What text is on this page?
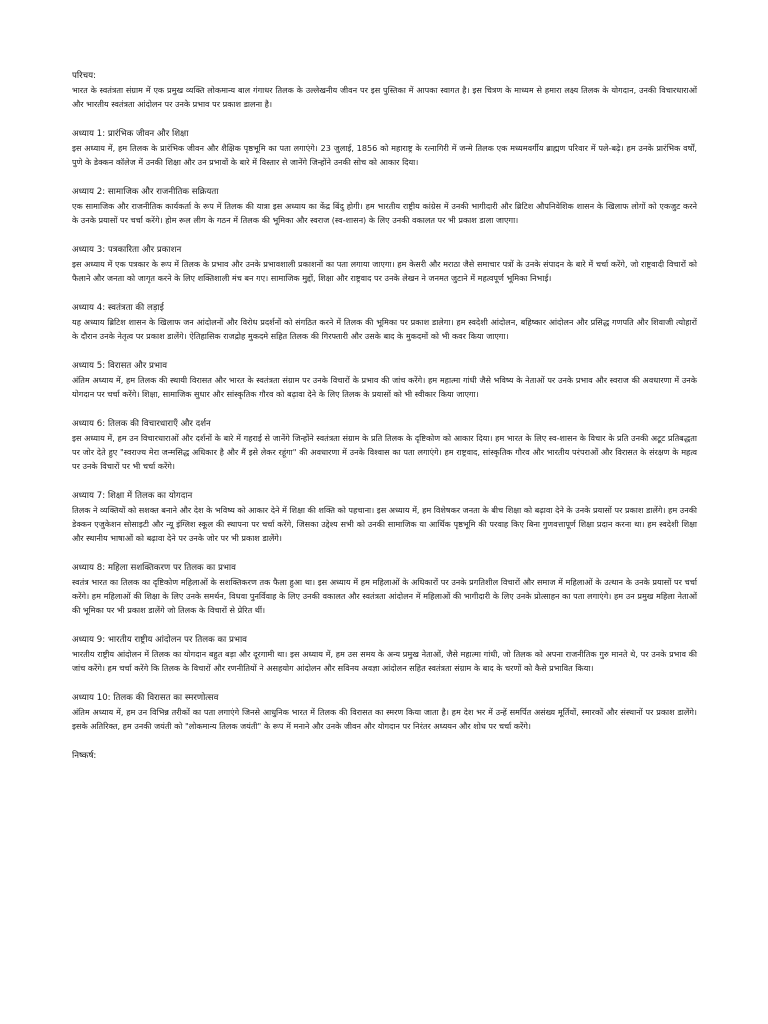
परिचय:
भारत के स्वतंत्रता संग्राम में एक प्रमुख व्यक्ति लोकमान्य बाल गंगाधर तिलक के उल्लेखनीय जीवन पर इस पुस्तिका में आपका स्वागत है। इस चित्रण के माध्यम से हमारा लक्ष्य तिलक के योगदान, उनकी विचारधाराओं और भारतीय स्वतंत्रता आंदोलन पर उनके प्रभाव पर प्रकाश डालना है।
अध्याय 1: प्रारंभिक जीवन और शिक्षा
इस अध्याय में, हम तिलक के प्रारंभिक जीवन और शैक्षिक पृष्ठभूमि का पता लगाएंगे। 23 जुलाई, 1856 को महाराष्ट्र के रत्नागिरी में जन्मे तिलक एक मध्यमवर्गीय ब्राह्मण परिवार में पले-बढ़े। हम उनके प्रारंभिक वर्षों, पुणे के डेक्कन कॉलेज में उनकी शिक्षा और उन प्रभावों के बारे में विस्तार से जानेंगे जिन्होंने उनकी सोच को आकार दिया।
अध्याय 2: सामाजिक और राजनीतिक सक्रियता
एक सामाजिक और राजनीतिक कार्यकर्ता के रूप में तिलक की यात्रा इस अध्याय का केंद्र बिंदु होगी। हम भारतीय राष्ट्रीय कांग्रेस में उनकी भागीदारी और ब्रिटिश औपनिवेशिक शासन के खिलाफ लोगों को एकजुट करने के उनके प्रयासों पर चर्चा करेंगे। होम रूल लीग के गठन में तिलक की भूमिका और स्वराज (स्व-शासन) के लिए उनकी वकालत पर भी प्रकाश डाला जाएगा।
अध्याय 3: पत्रकारिता और प्रकाशन
इस अध्याय में एक पत्रकार के रूप में तिलक के प्रभाव और उनके प्रभावशाली प्रकाशनों का पता लगाया जाएगा। हम केसरी और मराठा जैसे समाचार पत्रों के उनके संपादन के बारे में चर्चा करेंगे, जो राष्ट्रवादी विचारों को फैलाने और जनता को जागृत करने के लिए शक्तिशाली मंच बन गए। सामाजिक मुद्दों, शिक्षा और राष्ट्रवाद पर उनके लेखन ने जनमत जुटाने में महत्वपूर्ण भूमिका निभाई।
अध्याय 4: स्वतंत्रता की लड़ाई
यह अध्याय ब्रिटिश शासन के खिलाफ जन आंदोलनों और विरोध प्रदर्शनों को संगठित करने में तिलक की भूमिका पर प्रकाश डालेगा। हम स्वदेशी आंदोलन, बहिष्कार आंदोलन और प्रसिद्ध गणपति और शिवाजी त्योहारों के दौरान उनके नेतृत्व पर प्रकाश डालेंगे। ऐतिहासिक राजद्रोह मुकदमे सहित तिलक की गिरफ्तारी और उसके बाद के मुकदमों को भी कवर किया जाएगा।
अध्याय 5: विरासत और प्रभाव
अंतिम अध्याय में, हम तिलक की स्थायी विरासत और भारत के स्वतंत्रता संग्राम पर उनके विचारों के प्रभाव की जांच करेंगे। हम महात्मा गांधी जैसे भविष्य के नेताओं पर उनके प्रभाव और स्वराज की अवधारणा में उनके योगदान पर चर्चा करेंगे। शिक्षा, सामाजिक सुधार और सांस्कृतिक गौरव को बढ़ावा देने के लिए तिलक के प्रयासों को भी स्वीकार किया जाएगा।
अध्याय 6: तिलक की विचारधाराएँ और दर्शन
इस अध्याय में, हम उन विचारधाराओं और दर्शनों के बारे में गहराई से जानेंगे जिन्होंने स्वतंत्रता संग्राम के प्रति तिलक के दृष्टिकोण को आकार दिया। हम भारत के लिए स्व-शासन के विचार के प्रति उनकी अटूट प्रतिबद्धता पर जोर देते हुए "स्वराज्य मेरा जन्मसिद्ध अधिकार है और मैं इसे लेकर रहूंगा" की अवधारणा में उनके विश्वास का पता लगाएंगे। हम राष्ट्रवाद, सांस्कृतिक गौरव और भारतीय परंपराओं और विरासत के संरक्षण के महत्व पर उनके विचारों पर भी चर्चा करेंगे।
अध्याय 7: शिक्षा में तिलक का योगदान
तिलक ने व्यक्तियों को सशक्त बनाने और देश के भविष्य को आकार देने में शिक्षा की शक्ति को पहचाना। इस अध्याय में, हम विशेषकर जनता के बीच शिक्षा को बढ़ावा देने के उनके प्रयासों पर प्रकाश डालेंगे। हम उनकी डेक्कन एजुकेशन सोसाइटी और न्यू इंग्लिश स्कूल की स्थापना पर चर्चा करेंगे, जिसका उद्देश्य सभी को उनकी सामाजिक या आर्थिक पृष्ठभूमि की परवाह किए बिना गुणवत्तापूर्ण शिक्षा प्रदान करना था। हम स्वदेशी शिक्षा और स्थानीय भाषाओं को बढ़ावा देने पर उनके जोर पर भी प्रकाश डालेंगे।
अध्याय 8: महिला सशक्तिकरण पर तिलक का प्रभाव
स्वतंत्र भारत का तिलक का दृष्टिकोण महिलाओं के सशक्तिकरण तक फैला हुआ था। इस अध्याय में हम महिलाओं के अधिकारों पर उनके प्रगतिशील विचारों और समाज में महिलाओं के उत्थान के उनके प्रयासों पर चर्चा करेंगे। हम महिलाओं की शिक्षा के लिए उनके समर्थन, विधवा पुनर्विवाह के लिए उनकी वकालत और स्वतंत्रता आंदोलन में महिलाओं की भागीदारी के लिए उनके प्रोत्साहन का पता लगाएंगे। हम उन प्रमुख महिला नेताओं की भूमिका पर भी प्रकाश डालेंगे जो तिलक के विचारों से प्रेरित थीं।
अध्याय 9: भारतीय राष्ट्रीय आंदोलन पर तिलक का प्रभाव
भारतीय राष्ट्रीय आंदोलन में तिलक का योगदान बहुत बड़ा और दूरगामी था। इस अध्याय में, हम उस समय के अन्य प्रमुख नेताओं, जैसे महात्मा गांधी, जो तिलक को अपना राजनीतिक गुरु मानते थे, पर उनके प्रभाव की जांच करेंगे। हम चर्चा करेंगे कि तिलक के विचारों और रणनीतियों ने असहयोग आंदोलन और सविनय अवज्ञा आंदोलन सहित स्वतंत्रता संग्राम के बाद के चरणों को कैसे प्रभावित किया।
अध्याय 10: तिलक की विरासत का स्मरणोत्सव
अंतिम अध्याय में, हम उन विभिन्न तरीकों का पता लगाएंगे जिनसे आधुनिक भारत में तिलक की विरासत का स्मरण किया जाता है। हम देश भर में उन्हें समर्पित असंख्य मूर्तियों, स्मारकों और संस्थानों पर प्रकाश डालेंगे। इसके अतिरिक्त, हम उनकी जयंती को "लोकमान्य तिलक जयंती" के रूप में मनाने और उनके जीवन और योगदान पर निरंतर अध्ययन और शोध पर चर्चा करेंगे।
निष्कर्ष:
